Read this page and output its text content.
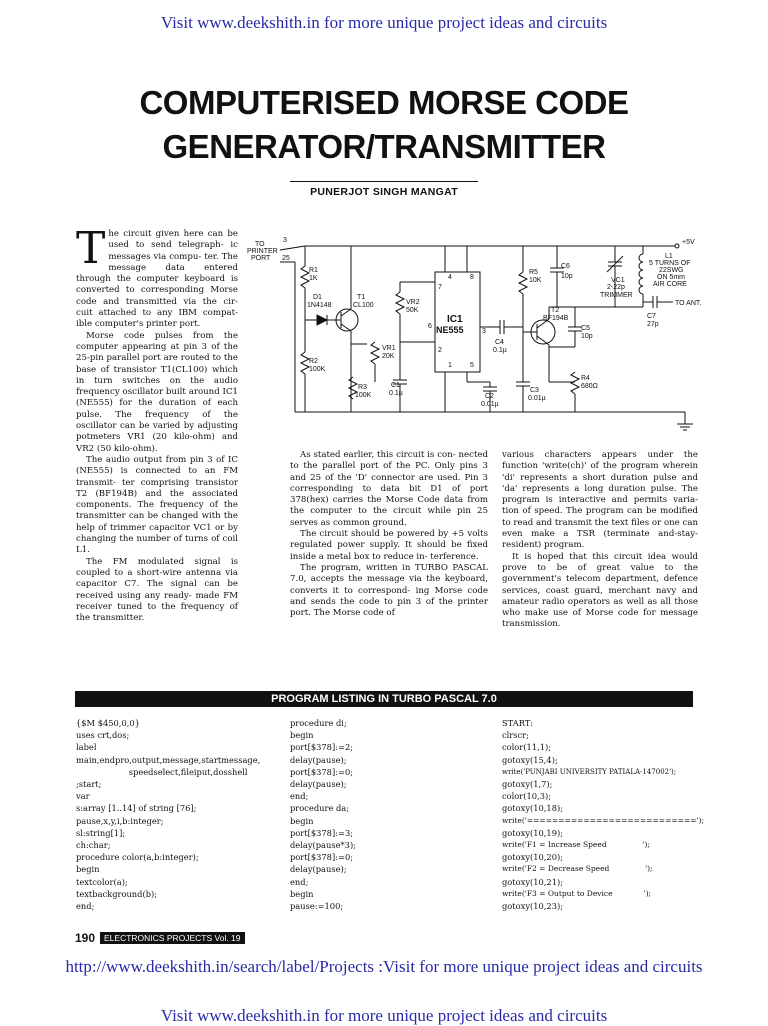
Visit www.deekshith.in for more unique project ideas and circuits
COMPUTERISED MORSE CODE
GENERATOR/TRANSMITTER
PUNERJOT SINGH MANGAT

The circuit given here can be used to send telegraph- ic messages via compu- ter. The message data entered through the computer keyboard is converted to corresponding Morse code and transmitted via the cir- cuit attached to any IBM compat- ible computer's printer port.

Morse code pulses from the computer appearing at pin 3 of the 25-pin parallel port are routed to the base of transistor T1(CL100) which in turn switches on the audio frequency oscillator built around IC1 (NE555) for the duration of each pulse. The frequency of the oscillator can be varied by adjusting potmeters VR1 (20 kilo-ohm) and VR2 (50 kilo-ohm).

The audio output from pin 3 of IC (NE555) is connected to an FM transmit- ter comprising transistor T2 (BF194B) and the associated components. The frequency of the transmitter can be changed with the help of trimmer capacitor VC1 or by changing the number of turns of coil L1.

The FM modulated signal is coupled to a short-wire antenna via capacitor C7. The signal can be received using any ready- made FM receiver tuned to the frequency of the transmitter.

As stated earlier, this circuit is con- nected to the parallel port of the PC. Only pins 3 and 25 of the 'D' connector are used. Pin 3 corresponding to data bit D1 of port 378(hex) carries the Morse Code data from the computer to the circuit while pin 25 serves as common ground.

The circuit should be powered by +5 volts regulated power supply. It should be fixed inside a metal box to reduce in- terference.

The program, written in TURBO PASCAL 7.0, accepts the message via the keyboard, converts it to correspond- ing Morse code and sends the code to pin 3 of the printer port. The Morse code of

various characters appears under the function 'write(ch)' of the program wherein 'di' represents a short duration pulse and 'da' represents a long duration pulse. The program is interactive and permits varia- tion of speed. The program can be modified to read and transmit the text files or one can even make a TSR (terminate and-stay- resident) program.

It is hoped that this circuit idea would prove to be of great value to the government's telecom department, defence services, coast guard, merchant navy and amateur radio operators as well as all those who make use of Morse code for message transmission.

TO
PRINTER
PORT
3
25
R1
1K
D1
1N4148
T1
CL100	VR2
50K
VR1
20K
R2
100K
R3
100K
C1
0.1µ
IC1
NE555
4	8
7
6
2
1	5
3
C2
0.01µ
C3
0.01µ
C4
0.1µ
R5
10K
C6
10p
T2
BF194B
C5
10p
R4
680Ω
VC1
2-22p
TRIMMER
L1
5 TURNS OF
22SWG
ON 5mm
AIR CORE
C7
27p
TO ANT.
+5V
PROGRAM LISTING IN TURBO PASCAL 7.0
{$M $450,0,0}
uses crt,dos;
label
main,endpro,output,message,startmessage,
speedselect,fileiput,dosshell
;start;
var
s:array [1..14] of string [76];
pause,x,y,i,b:integer;
sl:string[1];
ch:char;
procedure color(a,b:integer);
begin
textcolor(a);
textbackground(b);
end;
procedure di;
begin
port[$378]:=2;
delay(pause);
port[$378]:=0;
delay(pause);
end;
procedure da;
begin
port[$378]:=3;
delay(pause*3);
port[$378]:=0;
delay(pause);
end;
begin
pause:=100;
START:
clrscr;
color(11,1);
gotoxy(15,4);
write('PUNJABI UNIVERSITY PATIALA-147002');
gotoxy(1,7);
color(10,3);
gotoxy(10,18);
write('===========================');
gotoxy(10,19);
write('F1 = Increase Speed               ');
gotoxy(10,20);
write('F2 = Decrease Speed               ');
gotoxy(10,21);
write('F3 = Output to Device             ');
gotoxy(10,23);
190	ELECTRONICS PROJECTS Vol. 19
http://www.deekshith.in/search/label/Projects :Visit for more unique project ideas and circuits
Visit www.deekshith.in for more unique project ideas and circuits
